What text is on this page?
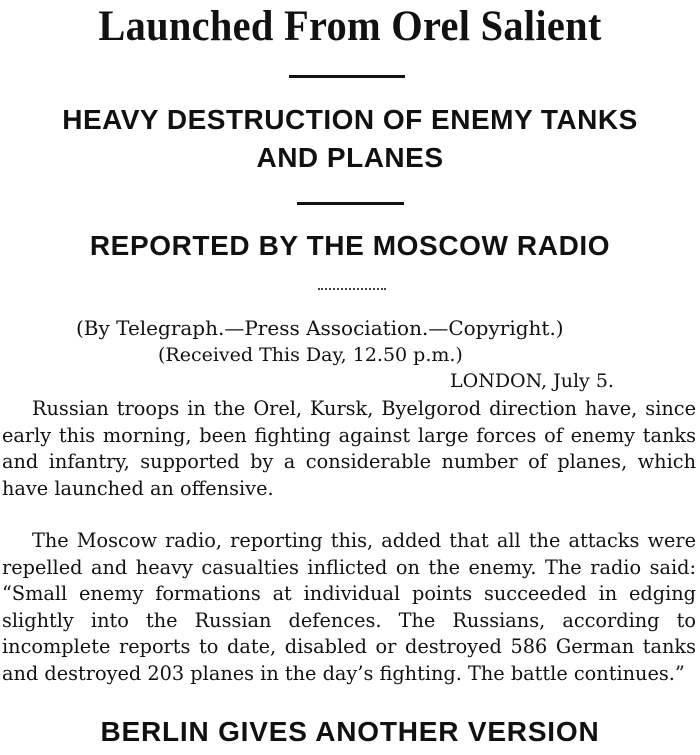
Launched From Orel Salient
HEAVY DESTRUCTION OF ENEMY TANKS
AND PLANES
REPORTED BY THE MOSCOW RADIO

(By Telegraph.—Press Association.—Copyright.)

(Received This Day, 12.50 p.m.)

LONDON, July 5.

Russian troops in the Orel, Kursk, Byelgorod direction have, since early this morning, been fighting against large forces of enemy tanks and infantry, supported by a considerable number of planes, which have launched an offensive.

The Moscow radio, reporting this, added that all the attacks were repelled and heavy casualties inflicted on the enemy. The radio said: “Small enemy formations at individual points succeeded in edging slightly into the Russian defences. The Russians, according to incomplete reports to date, disabled or destroyed 586 German tanks and destroyed 203 planes in the day’s fighting. The battle continues.”

BERLIN GIVES ANOTHER VERSION
